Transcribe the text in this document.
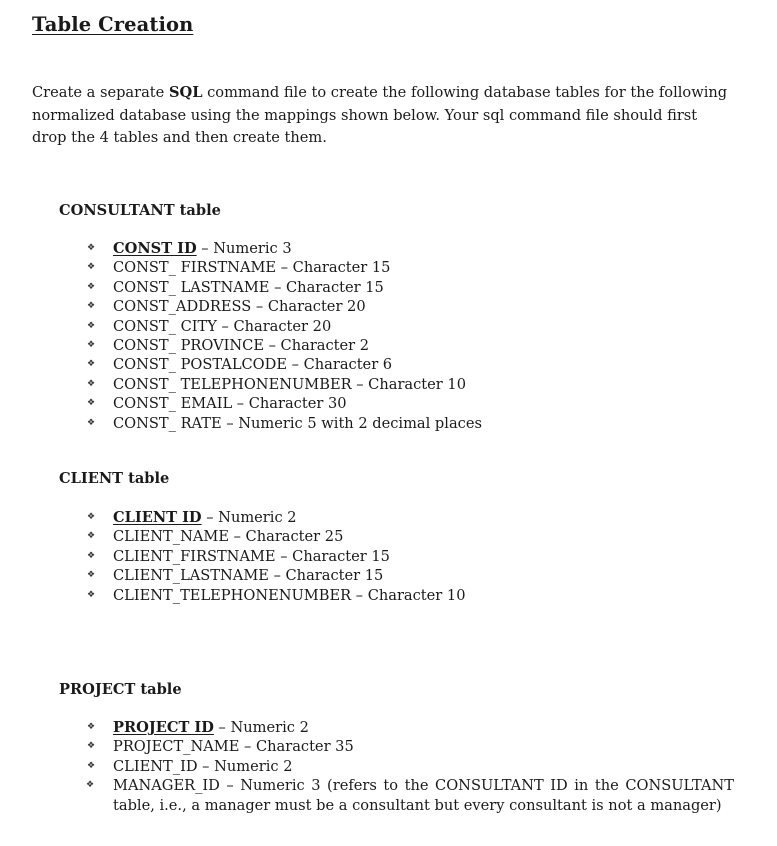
Table Creation

Create a separate SQL command file to create the following database tables for the following normalized database using the mappings shown below. Your sql command file should first drop the 4 tables and then create them.

CONSULTANT table
❖ CONST ID – Numeric 3
❖ CONST_ FIRSTNAME – Character 15
❖ CONST_ LASTNAME – Character 15
❖ CONST_ADDRESS – Character 20
❖ CONST_ CITY – Character 20
❖ CONST_ PROVINCE – Character 2
❖ CONST_ POSTALCODE – Character 6
❖ CONST_ TELEPHONENUMBER – Character 10
❖ CONST_ EMAIL – Character 30
❖ CONST_ RATE – Numeric 5 with 2 decimal places
CLIENT table
❖ CLIENT ID – Numeric 2
❖ CLIENT_NAME – Character 25
❖ CLIENT_FIRSTNAME – Character 15
❖ CLIENT_LASTNAME – Character 15
❖ CLIENT_TELEPHONENUMBER – Character 10
PROJECT table
❖ PROJECT ID – Numeric 2
❖ PROJECT_NAME – Character 35
❖ CLIENT_ID – Numeric 2
❖ MANAGER_ID – Numeric 3 (refers to the CONSULTANT ID in the CONSULTANT table, i.e., a manager must be a consultant but every consultant is not a manager)
